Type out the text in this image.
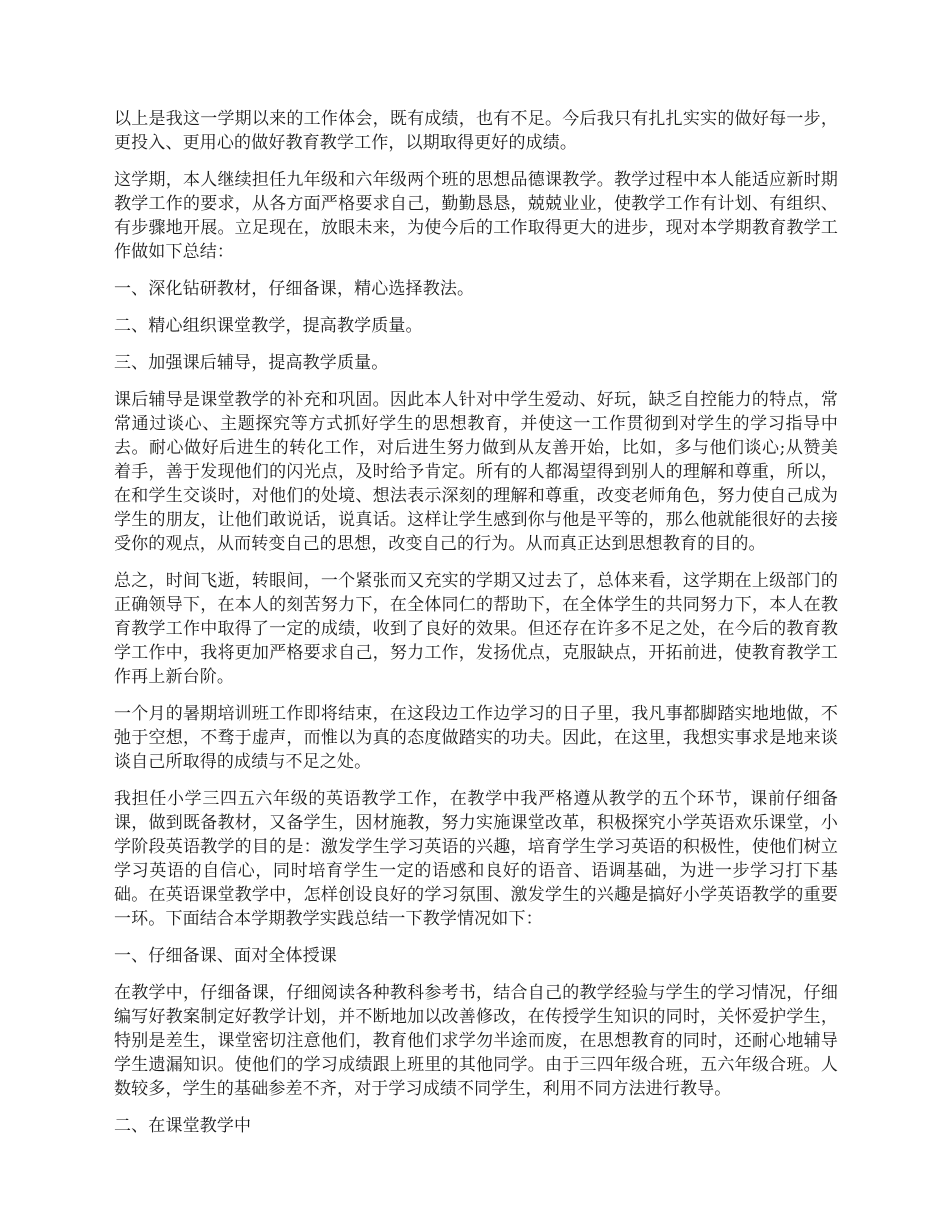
以上是我这一学期以来的工作体会，既有成绩，也有不足。今后我只有扎扎实实的做好每一步，更投入、更用心的做好教育教学工作，以期取得更好的成绩。

这学期，本人继续担任九年级和六年级两个班的思想品德课教学。教学过程中本人能适应新时期教学工作的要求，从各方面严格要求自己，勤勤恳恳，兢兢业业，使教学工作有计划、有组织、有步骤地开展。立足现在，放眼未来，为使今后的工作取得更大的进步，现对本学期教育教学工作做如下总结：

一、深化钻研教材，仔细备课，精心选择教法。

二、精心组织课堂教学，提高教学质量。

三、加强课后辅导，提高教学质量。

课后辅导是课堂教学的补充和巩固。因此本人针对中学生爱动、好玩，缺乏自控能力的特点，常常通过谈心、主题探究等方式抓好学生的思想教育，并使这一工作贯彻到对学生的学习指导中去。耐心做好后进生的转化工作，对后进生努力做到从友善开始，比如，多与他们谈心;从赞美着手，善于发现他们的闪光点，及时给予肯定。所有的人都渴望得到别人的理解和尊重，所以，在和学生交谈时，对他们的处境、想法表示深刻的理解和尊重，改变老师角色，努力使自己成为学生的朋友，让他们敢说话，说真话。这样让学生感到你与他是平等的，那么他就能很好的去接受你的观点，从而转变自己的思想，改变自己的行为。从而真正达到思想教育的目的。

总之，时间飞逝，转眼间，一个紧张而又充实的学期又过去了，总体来看，这学期在上级部门的正确领导下，在本人的刻苦努力下，在全体同仁的帮助下，在全体学生的共同努力下，本人在教育教学工作中取得了一定的成绩，收到了良好的效果。但还存在许多不足之处，在今后的教育教学工作中，我将更加严格要求自己，努力工作，发扬优点，克服缺点，开拓前进，使教育教学工作再上新台阶。

一个月的暑期培训班工作即将结束，在这段边工作边学习的日子里，我凡事都脚踏实地地做，不弛于空想，不骛于虚声，而惟以为真的态度做踏实的功夫。因此，在这里，我想实事求是地来谈谈自己所取得的成绩与不足之处。

我担任小学三四五六年级的英语教学工作，在教学中我严格遵从教学的五个环节，课前仔细备课，做到既备教材，又备学生，因材施教，努力实施课堂改革，积极探究小学英语欢乐课堂，小学阶段英语教学的目的是：激发学生学习英语的兴趣，培育学生学习英语的积极性，使他们树立学习英语的自信心，同时培育学生一定的语感和良好的语音、语调基础，为进一步学习打下基础。在英语课堂教学中，怎样创设良好的学习氛围、激发学生的兴趣是搞好小学英语教学的重要一环。下面结合本学期教学实践总结一下教学情况如下：

一、仔细备课、面对全体授课

在教学中，仔细备课，仔细阅读各种教科参考书，结合自己的教学经验与学生的学习情况，仔细编写好教案制定好教学计划，并不断地加以改善修改，在传授学生知识的同时，关怀爱护学生，特别是差生，课堂密切注意他们，教育他们求学勿半途而废，在思想教育的同时，还耐心地辅导学生遗漏知识。使他们的学习成绩跟上班里的其他同学。由于三四年级合班，五六年级合班。人数较多，学生的基础参差不齐，对于学习成绩不同学生，利用不同方法进行教导。

二、在课堂教学中
